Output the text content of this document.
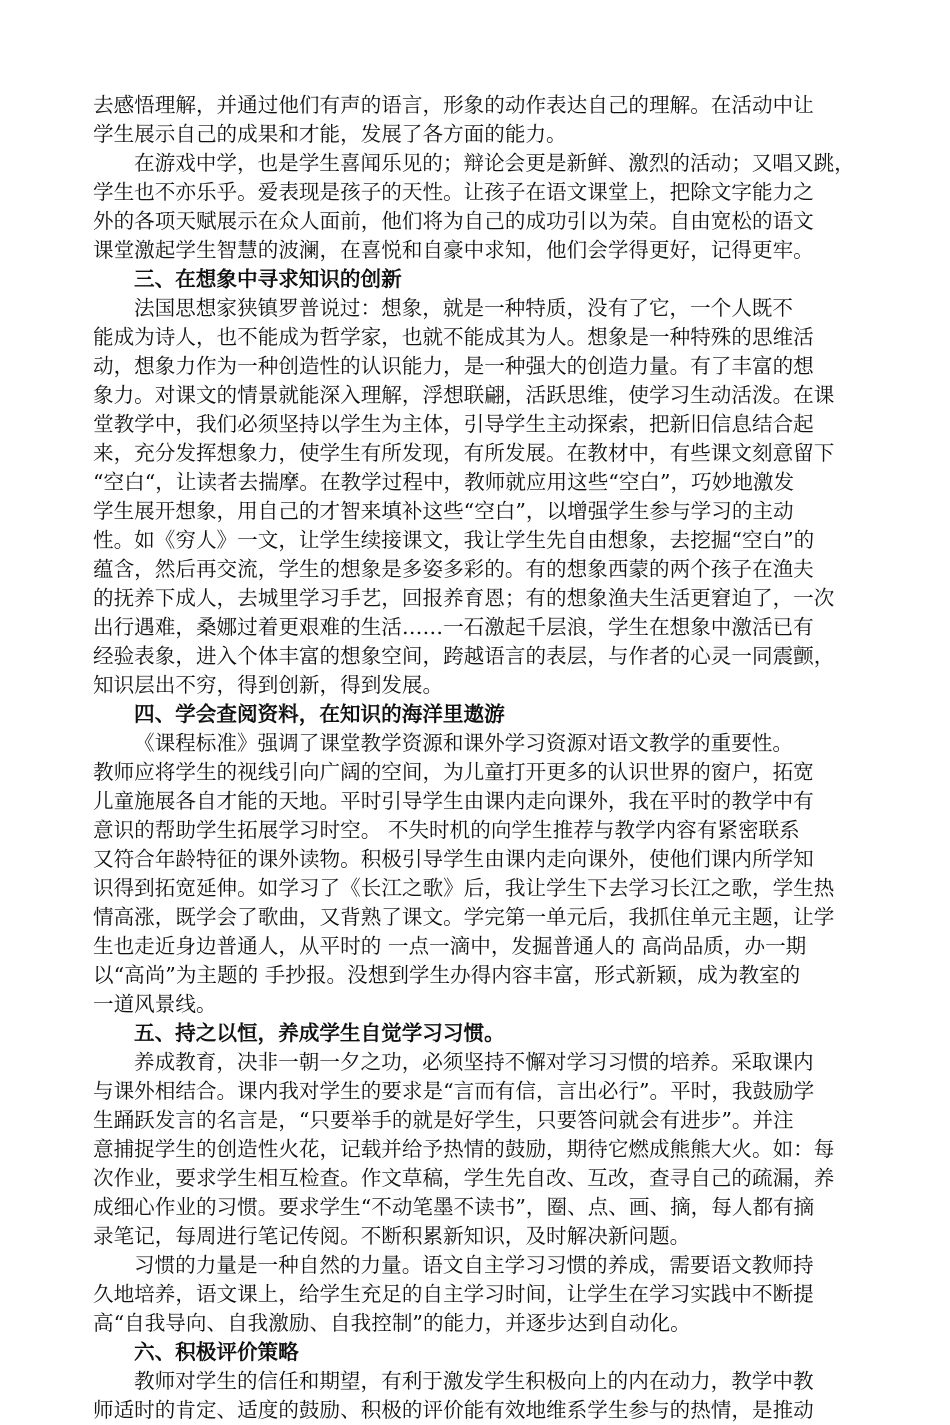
去感悟理解，并通过他们有声的语言，形象的动作表达自己的理解。在活动中让
学生展示自己的成果和才能，发展了各方面的能力。
在游戏中学，也是学生喜闻乐见的；辩论会更是新鲜、激烈的活动；又唱又跳，
学生也不亦乐乎。爱表现是孩子的天性。让孩子在语文课堂上，把除文字能力之
外的各项天赋展示在众人面前，他们将为自己的成功引以为荣。自由宽松的语文
课堂激起学生智慧的波澜，在喜悦和自豪中求知，他们会学得更好，记得更牢。
三、在想象中寻求知识的创新
法国思想家狭镇罗普说过：想象，就是一种特质，没有了它，一个人既不
能成为诗人，也不能成为哲学家，也就不能成其为人。想象是一种特殊的思维活
动，想象力作为一种创造性的认识能力，是一种强大的创造力量。有了丰富的想
象力。对课文的情景就能深入理解，浮想联翩，活跃思维，使学习生动活泼。在课
堂教学中，我们必须坚持以学生为主体，引导学生主动探索，把新旧信息结合起
来，充分发挥想象力，使学生有所发现，有所发展。在教材中，有些课文刻意留下
“空白“，让读者去揣摩。在教学过程中，教师就应用这些“空白”，巧妙地激发
学生展开想象，用自己的才智来填补这些“空白”，以增强学生参与学习的主动
性。如《穷人》一文，让学生续接课文，我让学生先自由想象，去挖掘“空白”的
蕴含，然后再交流，学生的想象是多姿多彩的。有的想象西蒙的两个孩子在渔夫
的抚养下成人，去城里学习手艺，回报养育恩；有的想象渔夫生活更窘迫了，一次
出行遇难，桑娜过着更艰难的生活……一石激起千层浪，学生在想象中激活已有
经验表象，进入个体丰富的想象空间，跨越语言的表层，与作者的心灵一同震颤，
知识层出不穷，得到创新，得到发展。
四、学会查阅资料，在知识的海洋里遨游
《课程标准》强调了课堂教学资源和课外学习资源对语文教学的重要性。
教师应将学生的视线引向广阔的空间，为儿童打开更多的认识世界的窗户，拓宽
儿童施展各自才能的天地。平时引导学生由课内走向课外，我在平时的教学中有
意识的帮助学生拓展学习时空。 不失时机的向学生推荐与教学内容有紧密联系
又符合年龄特征的课外读物。积极引导学生由课内走向课外，使他们课内所学知
识得到拓宽延伸。如学习了《长江之歌》后，我让学生下去学习长江之歌，学生热
情高涨，既学会了歌曲，又背熟了课文。学完第一单元后，我抓住单元主题，让学
生也走近身边普通人，从平时的 一点一滴中，发掘普通人的 高尚品质，办一期
以“高尚”为主题的 手抄报。没想到学生办得内容丰富，形式新颖，成为教室的
一道风景线。
五、持之以恒，养成学生自觉学习习惯。
养成教育，决非一朝一夕之功，必须坚持不懈对学习习惯的培养。采取课内
与课外相结合。课内我对学生的要求是“言而有信，言出必行”。平时，我鼓励学
生踊跃发言的名言是，“只要举手的就是好学生，只要答问就会有进步”。并注
意捕捉学生的创造性火花，记载并给予热情的鼓励，期待它燃成熊熊大火。如：每
次作业，要求学生相互检查。作文草稿，学生先自改、互改，查寻自己的疏漏，养
成细心作业的习惯。要求学生“不动笔墨不读书”，圈、点、画、摘，每人都有摘
录笔记，每周进行笔记传阅。不断积累新知识，及时解决新问题。
习惯的力量是一种自然的力量。语文自主学习习惯的养成，需要语文教师持
久地培养，语文课上，给学生充足的自主学习时间，让学生在学习实践中不断提
高“自我导向、自我激励、自我控制”的能力，并逐步达到自动化。
六、积极评价策略
教师对学生的信任和期望，有利于激发学生积极向上的内在动力，教学中教
师适时的肯定、适度的鼓励、积极的评价能有效地维系学生参与的热情，是推动
